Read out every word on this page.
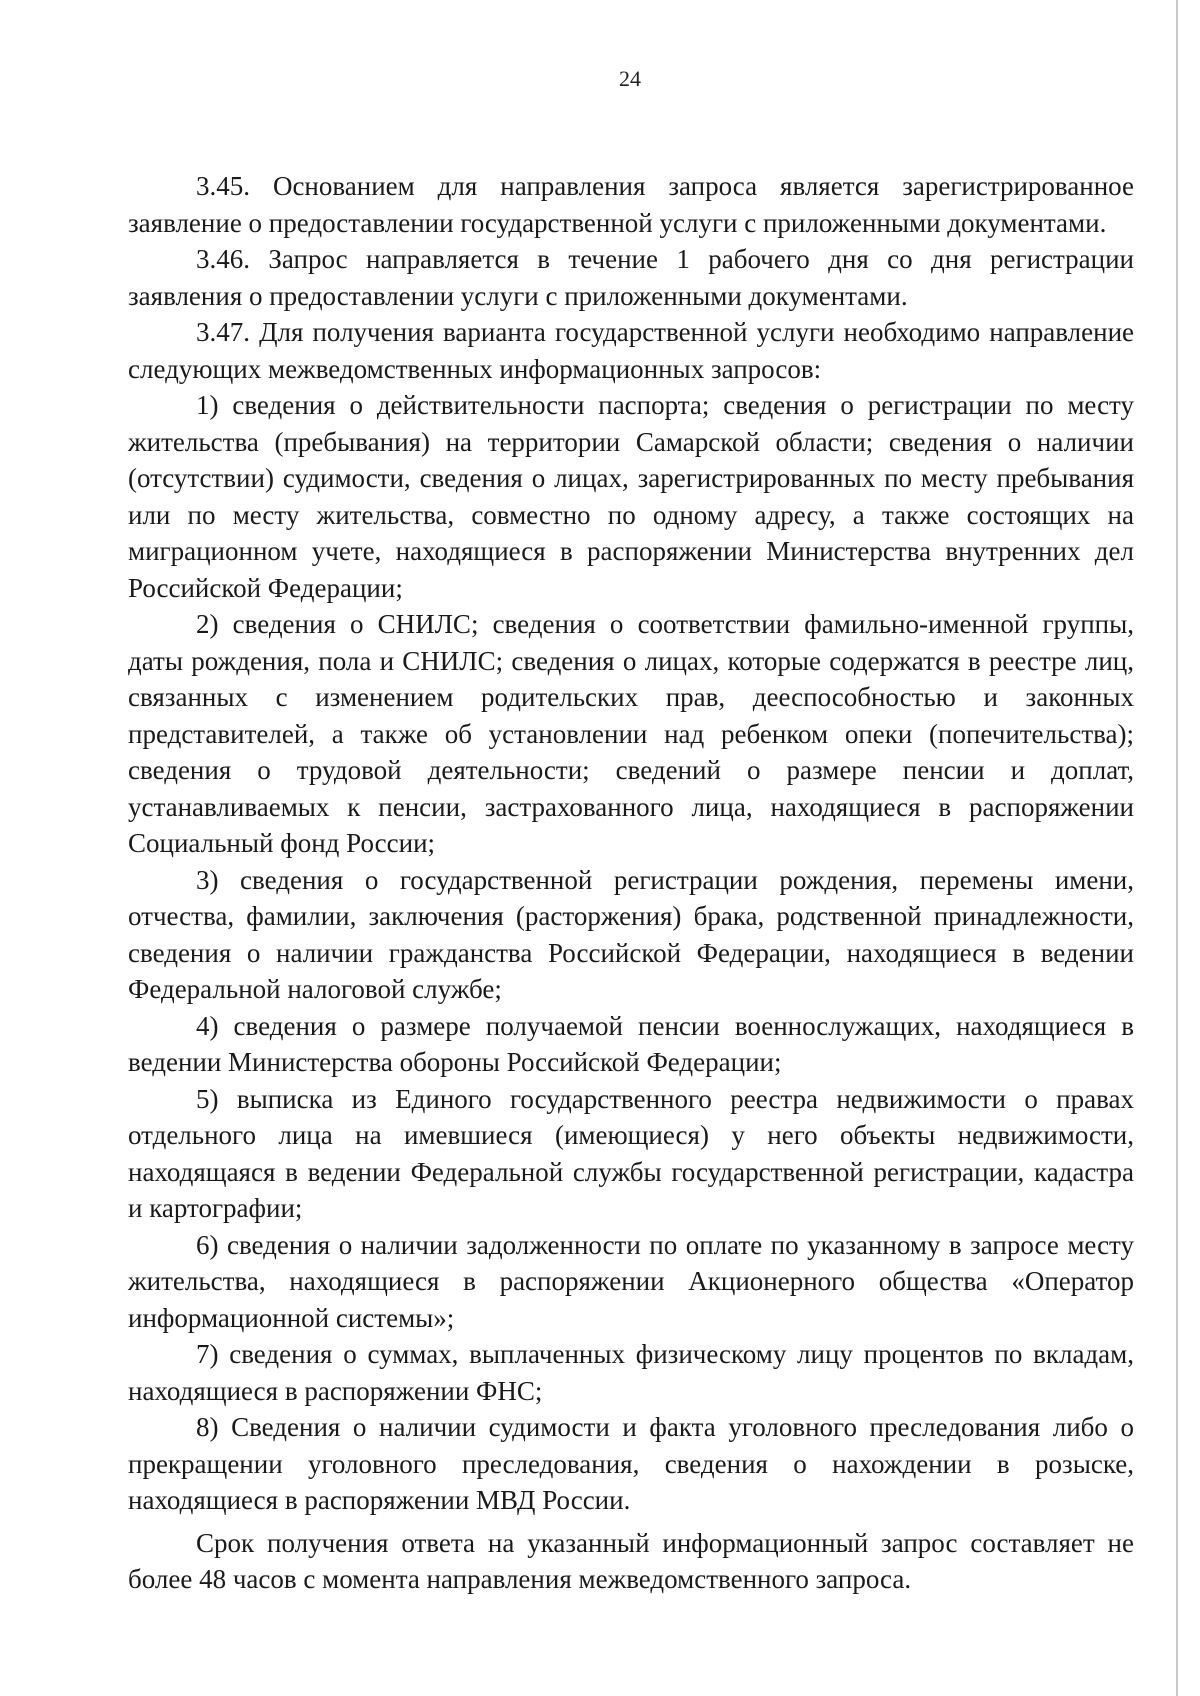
24

3.45. Основанием для направления запроса является зарегистрированное заявление о предоставлении государственной услуги с приложенными документами.

3.46. Запрос направляется в течение 1 рабочего дня со дня регистрации заявления о предоставлении услуги с приложенными документами.

3.47. Для получения варианта государственной услуги необходимо направление следующих межведомственных информационных запросов:

1) сведения о действительности паспорта; сведения о регистрации по месту жительства (пребывания) на территории Самарской области; сведения о наличии (отсутствии) судимости, сведения о лицах, зарегистрированных по месту пребывания или по месту жительства, совместно по одному адресу, а также состоящих на миграционном учете, находящиеся в распоряжении Министерства внутренних дел Российской Федерации;

2) сведения о СНИЛС; сведения о соответствии фамильно-именной группы, даты рождения, пола и СНИЛС; сведения о лицах, которые содержатся в реестре лиц, связанных с изменением родительских прав, дееспособностью и законных представителей, а также об установлении над ребенком опеки (попечительства); сведения о трудовой деятельности; сведений о размере пенсии и доплат, устанавливаемых к пенсии, застрахованного лица, находящиеся в распоряжении Социальный фонд России;

3) сведения о государственной регистрации рождения, перемены имени, отчества, фамилии, заключения (расторжения) брака, родственной принадлежности, сведения о наличии гражданства Российской Федерации, находящиеся в ведении Федеральной налоговой службе;

4) сведения о размере получаемой пенсии военнослужащих, находящиеся в ведении Министерства обороны Российской Федерации;

5) выписка из Единого государственного реестра недвижимости о правах отдельного лица на имевшиеся (имеющиеся) у него объекты недвижимости, находящаяся в ведении Федеральной службы государственной регистрации, кадастра и картографии;

6) сведения о наличии задолженности по оплате по указанному в запросе месту жительства, находящиеся в распоряжении Акционерного общества «Оператор информационной системы»;

7) сведения о суммах, выплаченных физическому лицу процентов по вкладам, находящиеся в распоряжении ФНС;

8) Сведения о наличии судимости и факта уголовного преследования либо о прекращении уголовного преследования, сведения о нахождении в розыске, находящиеся в распоряжении МВД России.

Срок получения ответа на указанный информационный запрос составляет не более 48 часов с момента направления межведомственного запроса.
